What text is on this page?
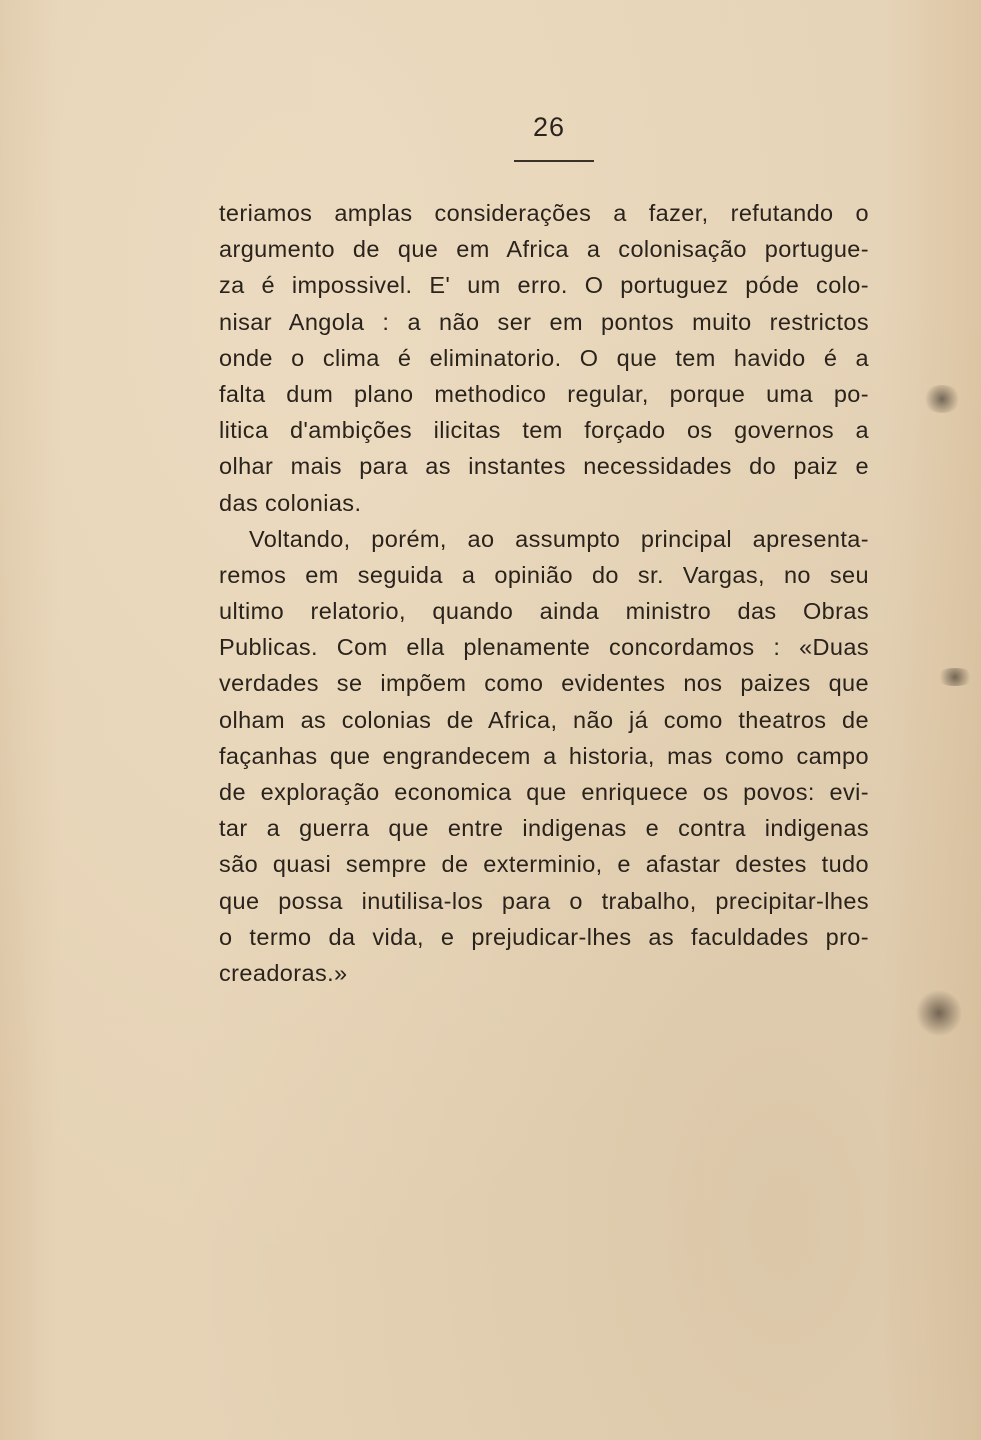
26
teriamos amplas considerações a fazer, refutando o
argumento de que em Africa a colonisação portugue-
za é impossivel. E' um erro. O portuguez póde colo-
nisar Angola : a não ser em pontos muito restrictos
onde o clima é eliminatorio. O que tem havido é a
falta dum plano methodico regular, porque uma po-
litica d'ambições ilicitas tem forçado os governos a
olhar mais para as instantes necessidades do paiz e
das colonias.
Voltando, porém, ao assumpto principal apresenta-
remos em seguida a opinião do sr. Vargas, no seu
ultimo relatorio, quando ainda ministro das Obras
Publicas. Com ella plenamente concordamos : «Duas
verdades se impõem como evidentes nos paizes que
olham as colonias de Africa, não já como theatros de
façanhas que engrandecem a historia, mas como campo
de exploração economica que enriquece os povos: evi-
tar a guerra que entre indigenas e contra indigenas
são quasi sempre de exterminio, e afastar destes tudo
que possa inutilisa-los para o trabalho, precipitar-lhes
o termo da vida, e prejudicar-lhes as faculdades pro-
creadoras.»
